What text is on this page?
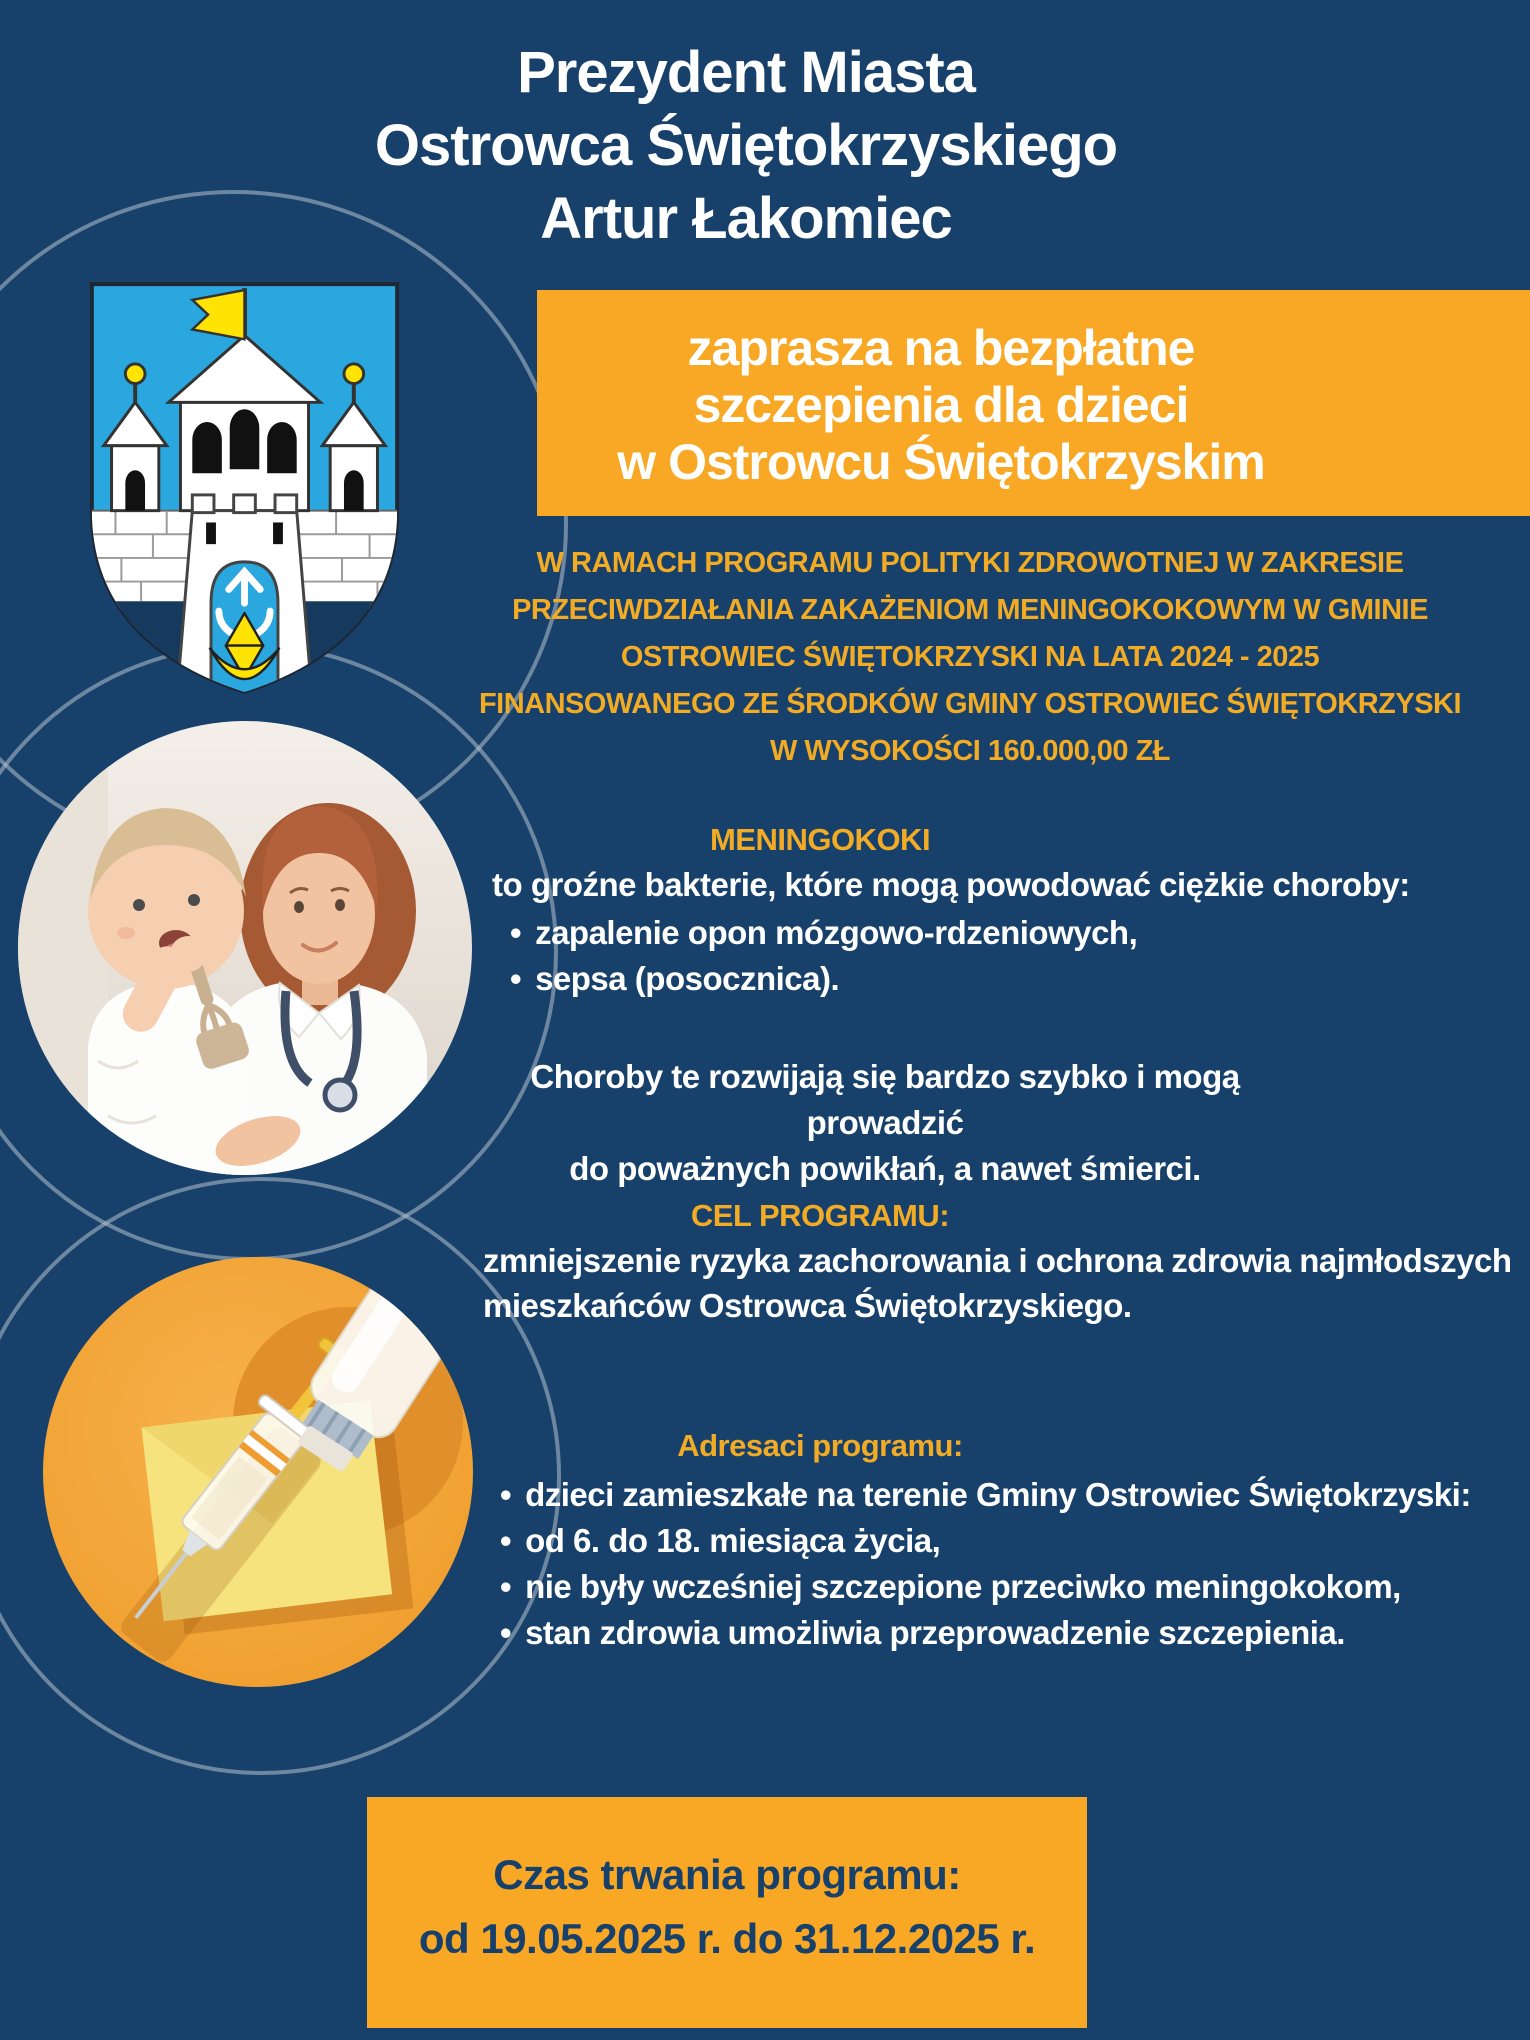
Prezydent Miasta
Ostrowca Świętokrzyskiego
Artur Łakomiec
zaprasza na bezpłatne
szczepienia dla dzieci
w Ostrowcu Świętokrzyskim
W RAMACH PROGRAMU POLITYKI ZDROWOTNEJ W ZAKRESIE
PRZECIWDZIAŁANIA ZAKAŻENIOM MENINGOKOKOWYM W GMINIE
OSTROWIEC ŚWIĘTOKRZYSKI NA LATA 2024 - 2025
FINANSOWANEGO ZE ŚRODKÓW GMINY OSTROWIEC ŚWIĘTOKRZYSKI
W WYSOKOŚCI 160.000,00 ZŁ
MENINGOKOKI
to groźne bakterie, które mogą powodować ciężkie choroby:
• zapalenie opon mózgowo-rdzeniowych,
• sepsa (posocznica).
Choroby te rozwijają się bardzo szybko i mogą prowadzić
do poważnych powikłań, a nawet śmierci.
CEL PROGRAMU:
zmniejszenie ryzyka zachorowania i ochrona zdrowia najmłodszych
mieszkańców Ostrowca Świętokrzyskiego.
Adresaci programu:
• dzieci zamieszkałe na terenie Gminy Ostrowiec Świętokrzyski:
• od 6. do 18. miesiąca życia,
• nie były wcześniej szczepione przeciwko meningokokom,
• stan zdrowia umożliwia przeprowadzenie szczepienia.
Czas trwania programu:
od 19.05.2025 r. do 31.12.2025 r.
